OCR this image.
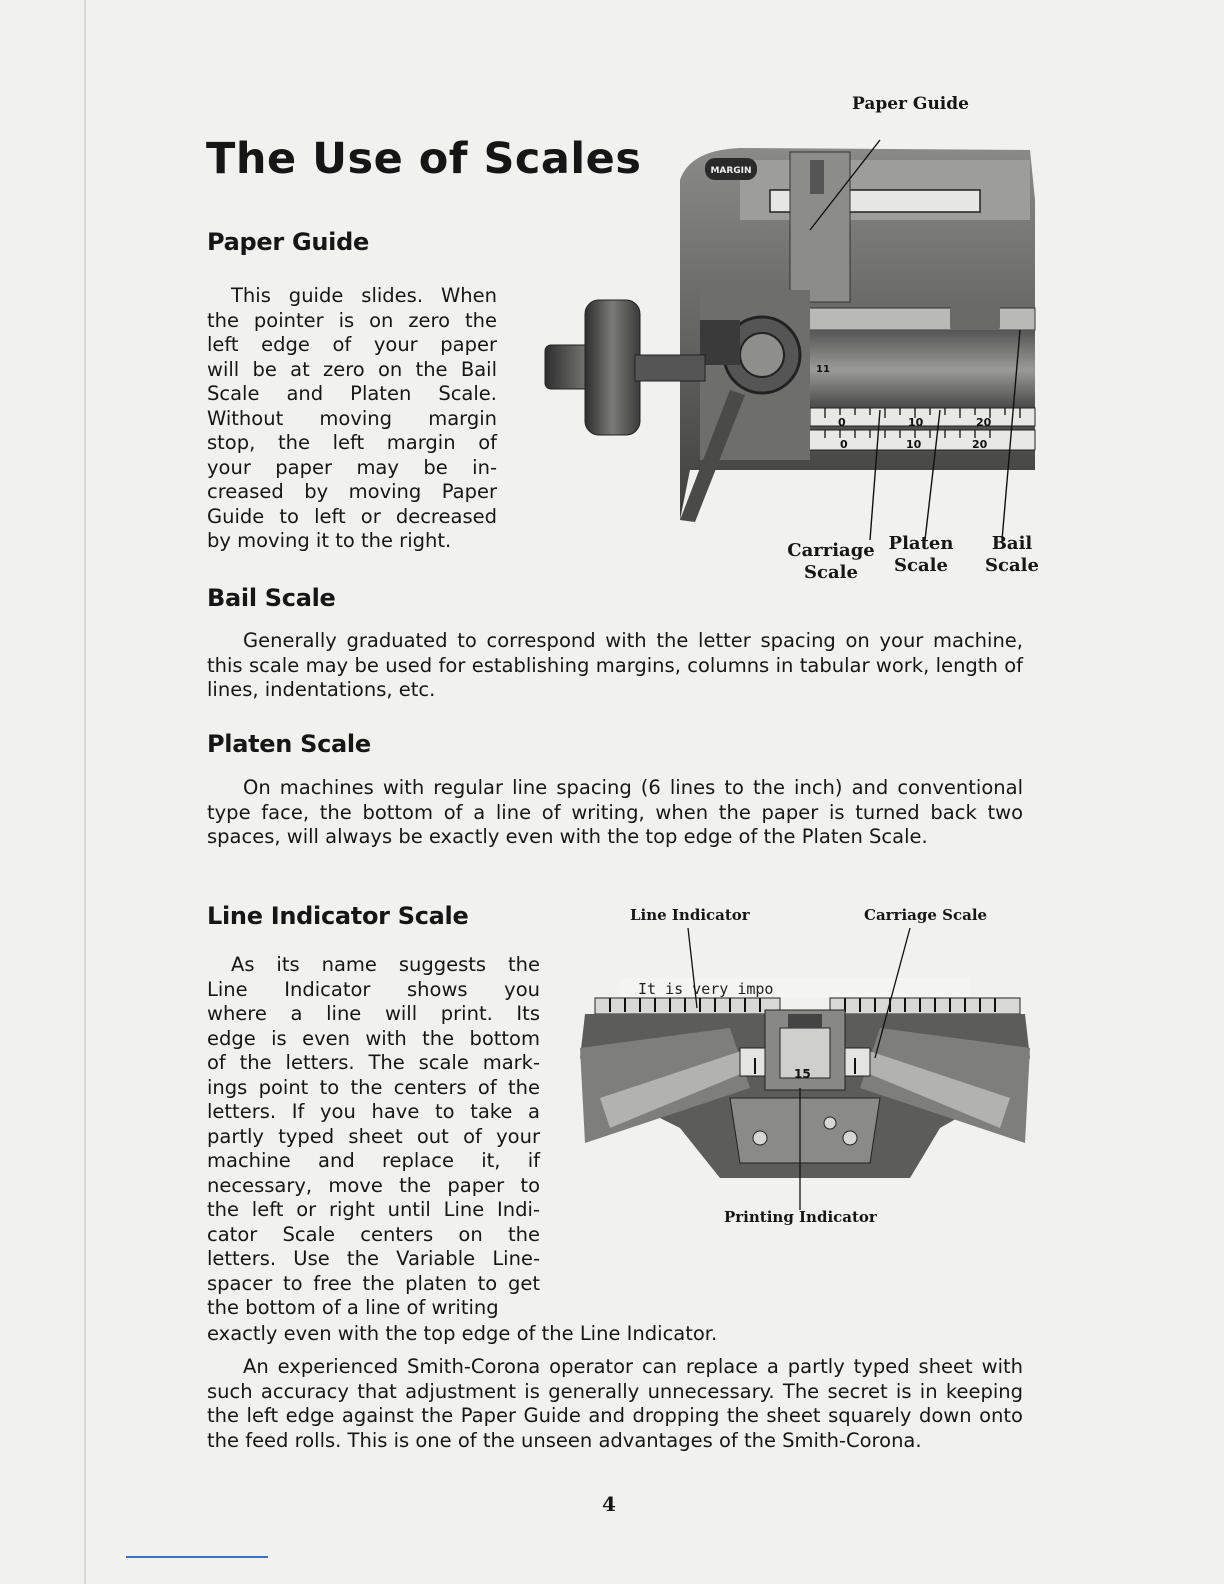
The Use of Scales
Paper Guide

This guide slides. When

the pointer is on zero the

left edge of your paper

will be at zero on the Bail

Scale and Platen Scale.

Without moving margin

stop, the left margin of

your paper may be in-

creased by moving Paper

Guide to left or decreased

by moving it to the right.

MARGIN
0	10	20
0	10	20
11
Paper Guide
Carriage
Scale
Platen
Scale
Bail
Scale
Bail Scale

Generally graduated to correspond with the letter spacing on your machine, this scale may be used for establishing margins, columns in tabular work, length of lines, indentations, etc.

Platen Scale

On machines with regular line spacing (6 lines to the inch) and conventional type face, the bottom of a line of writing, when the paper is turned back two spaces, will always be exactly even with the top edge of the Platen Scale.

Line Indicator Scale

As its name suggests the

Line Indicator shows you

where a line will print. Its

edge is even with the bottom

of the letters. The scale mark-

ings point to the centers of the

letters. If you have to take a

partly typed sheet out of your

machine and replace it, if

necessary, move the paper to

the left or right until Line Indi-

cator Scale centers on the

letters. Use the Variable Line-

spacer to free the platen to get

the bottom of a line of writing

exactly even with the top edge of the Line Indicator.

An experienced Smith-Corona operator can replace a partly typed sheet with such accuracy that adjustment is generally unnecessary. The secret is in keeping the left edge against the Paper Guide and dropping the sheet squarely down onto the feed rolls. This is one of the unseen advantages of the Smith-Corona.

Line Indicator	Carriage Scale
It is very impo
15
Printing Indicator
4
